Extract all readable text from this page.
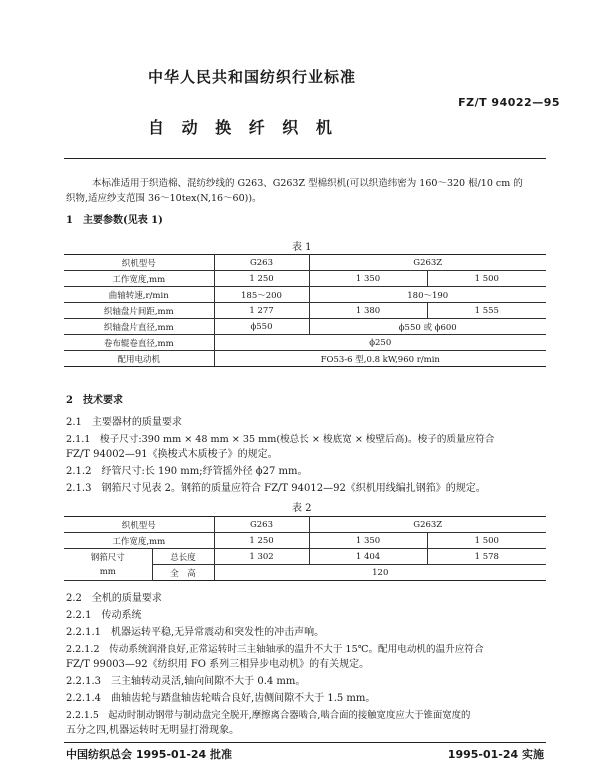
中华人民共和国纺织行业标准
FZ/T 94022—95
自 动 换 纤 织 机
本标准适用于织造棉、混纺纱线的 G263、G263Z 型棉织机(可以织造纬密为 160～320 根/10 cm 的
织物,适应纱支范围 36～10tex(N,16～60))。
1　主要参数(见表 1)
表 1
织机型号	G263	G263Z	
工作宽度,mm	1 250	1 350	1 500
曲轴转速,r/min	185～200	180～190	
织轴盘片间距,mm	1 277	1 380	1 555
织轴盘片直径,mm	ϕ550	ϕ550 或 ϕ600	
卷布辊卷直径,mm	ϕ250		
配用电动机	FO53-6 型,0.8 kW,960 r/min		
2　技术要求
2.1　主要器材的质量要求
2.1.1　梭子尺寸:390 mm × 48 mm × 35 mm(梭总长 × 梭底宽 × 梭壁后高)。梭子的质量应符合
FZ/T 94002—91《换梭式木质梭子》的规定。
2.1.2　纾管尺寸:长 190 mm;纾管摇外径 ϕ27 mm。
2.1.3　钢筘尺寸见表 2。钢筘的质量应符合 FZ/T 94012—92《织机用线编扎钢筘》的规定。
表 2
织机型号		G263	G263Z	
工作宽度,mm		1 250	1 350	1 500

钢筘尺寸
mm	总长度	1 302	1 404	1 578
	全　高	120		
2.2　全机的质量要求
2.2.1　传动系统
2.2.1.1　机器运转平稳,无异常震动和突发性的冲击声响。
2.2.1.2　传动系统润滑良好,正常运转时三主轴轴承的温升不大于 15℃。配用电动机的温升应符合
FZ/T 99003—92《纺织用 FO 系列三相异步电动机》的有关规定。
2.2.1.3　三主轴转动灵活,轴向间隙不大于 0.4 mm。
2.2.1.4　曲轴齿轮与踏盘轴齿轮啮合良好,齿侧间隙不大于 1.5 mm。
2.2.1.5　起动时制动钢带与制动盘完全脱开,摩擦离合器啮合,啮合面的接触宽度应大于锥面宽度的
五分之四,机器运转时无明显打滑现象。
中国纺织总会 1995-01-24 批准	1995-01-24 实施
